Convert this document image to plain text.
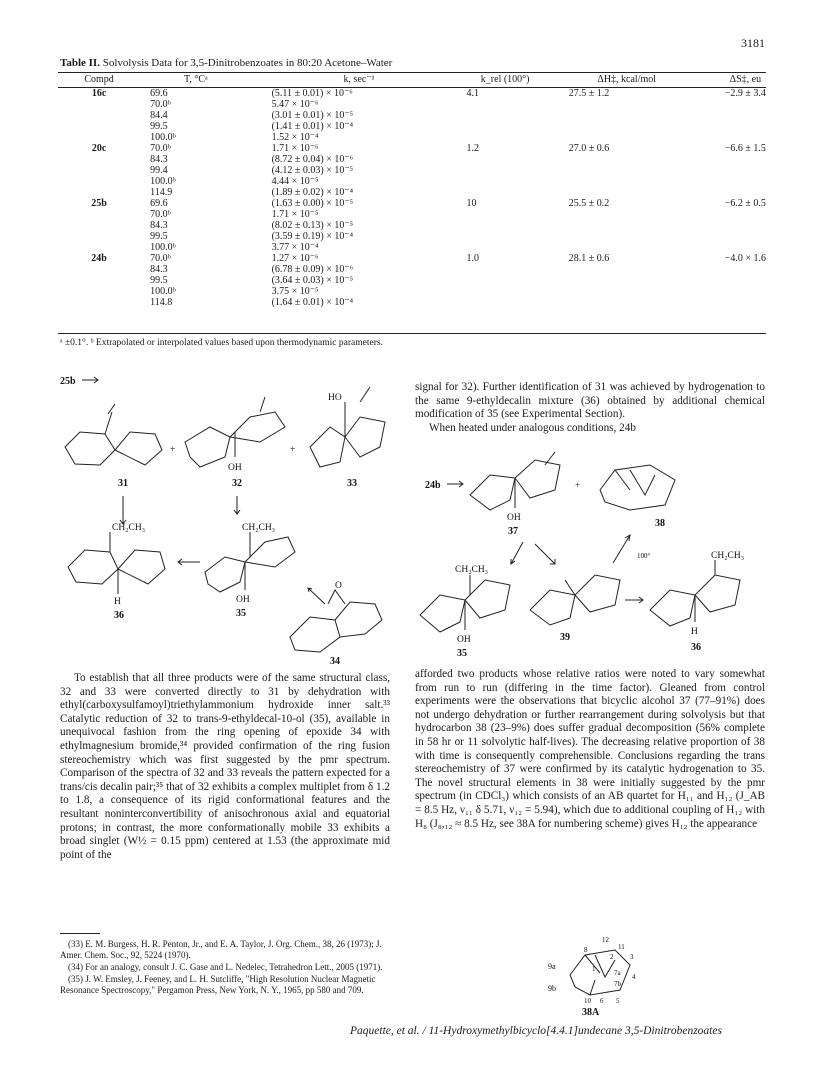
3181
Table II. Solvolysis Data for 3,5-Dinitrobenzoates in 80:20 Acetone–Water
Compd	T, °Cᵃ	k, sec⁻¹	k_rel (100°)	ΔH‡, kcal/mol	ΔS‡, eu
16c	69.6	(5.11 ± 0.01) × 10⁻⁶	4.1	27.5 ± 1.2	−2.9 ± 3.4
	70.0ᵇ	5.47 × 10⁻⁶			
	84.4	(3.01 ± 0.01) × 10⁻⁵			
	99.5	(1.41 ± 0.01) × 10⁻⁴			
	100.0ᵇ	1.52 × 10⁻⁴			
20c	70.0ᵇ	1.71 × 10⁻⁶	1.2	27.0 ± 0.6	−6.6 ± 1.5
	84.3	(8.72 ± 0.04) × 10⁻⁶			
	99.4	(4.12 ± 0.03) × 10⁻⁵			
	100.0ᵇ	4.44 × 10⁻⁵			
	114.9	(1.89 ± 0.02) × 10⁻⁴			
25b	69.6	(1.63 ± 0.00) × 10⁻⁵	10	25.5 ± 0.2	−6.2 ± 0.5
	70.0ᵇ	1.71 × 10⁻⁵			
	84.3	(8.02 ± 0.13) × 10⁻⁵			
	99.5	(3.59 ± 0.19) × 10⁻⁴			
	100.0ᵇ	3.77 × 10⁻⁴			
24b	70.0ᵇ	1.27 × 10⁻⁶	1.0	28.1 ± 0.6	−4.0 × 1.6
	84.3	(6.78 ± 0.09) × 10⁻⁶			
	99.5	(3.64 ± 0.03) × 10⁻⁵			
	100.0ᵇ	3.75 × 10⁻⁵			
	114.8	(1.64 ± 0.01) × 10⁻⁴			
ᵃ ±0.1°. ᵇ Extrapolated or interpolated values based upon thermodynamic parameters.
25b
+
OH
+
HO
31	32	33
CH₂CH₃
H
36
CH₂CH₃
OH
35
O
34
signal for 32). Further identification of 31 was achieved by hydrogenation to the same 9-ethyldecalin mixture (36) obtained by additional chemical modification of 35 (see Experimental Section).
When heated under analogous conditions, 24b
24b
OH
37
+
38
100°
CH₂CH₃
OH
35
39
CH₂CH₃
H
36
To establish that all three products were of the same structural class, 32 and 33 were converted directly to 31 by dehydration with ethyl(carboxysulfamoyl)triethylammonium hydroxide inner salt.³³ Catalytic reduction of 32 to trans-9-ethyldecal-10-ol (35), available in unequivocal fashion from the ring opening of epoxide 34 with ethylmagnesium bromide,³⁴ provided confirmation of the ring fusion stereochemistry which was first suggested by the pmr spectrum. Comparison of the spectra of 32 and 33 reveals the pattern expected for a trans/cis decalin pair;³⁵ that of 32 exhibits a complex multiplet from δ 1.2 to 1.8, a consequence of its rigid conformational features and the resultant noninterconvertibility of anisochronous axial and equatorial protons; in contrast, the more conformationally mobile 33 exhibits a broad singlet (W½ = 0.15 ppm) centered at 1.53 (the approximate mid point of the
afforded two products whose relative ratios were noted to vary somewhat from run to run (differing in the time factor). Gleaned from control experiments were the observations that bicyclic alcohol 37 (77–91%) does not undergo dehydration or further rearrangement during solvolysis but that hydrocarbon 38 (23–9%) does suffer gradual decomposition (56% complete in 58 hr or 11 solvolytic half-lives). The decreasing relative proportion of 38 with time is consequently comprehensible. Conclusions regarding the trans stereochemistry of 37 were confirmed by its catalytic hydrogenation to 35. The novel structural elements in 38 were initially suggested by the pmr spectrum (in CDCl₃) which consists of an AB quartet for H₁₁ and H₁₂ (J_AB = 8.5 Hz, ν₁₁ δ 5.71, ν₁₂ = 5.94), which due to additional coupling of H₁₂ with H₈ (J₈,₁₂ ≈ 8.5 Hz, see 38A for numbering scheme) gives H₁₂ the appearance

(33) E. M. Burgess, H. R. Penton, Jr., and E. A. Taylor, J. Org. Chem., 38, 26 (1973); J. Amer. Chem. Soc., 92, 5224 (1970).

(34) For an analogy, consult J. C. Gase and L. Nedelec, Tetrahedron Lett., 2005 (1971).

(35) J. W. Emsley, J. Feeney, and L. H. Sutcliffe, "High Resolution Nuclear Magnetic Resonance Spectroscopy," Pergamon Press, New York, N. Y., 1965, pp 580 and 709.

12
11
8
2 3
9a	1	7a 4
9b	7b
10 6 5
38A
Paquette, et al. / 11-Hydroxymethylbicyclo[4.4.1]undecane 3,5-Dinitrobenzoates
